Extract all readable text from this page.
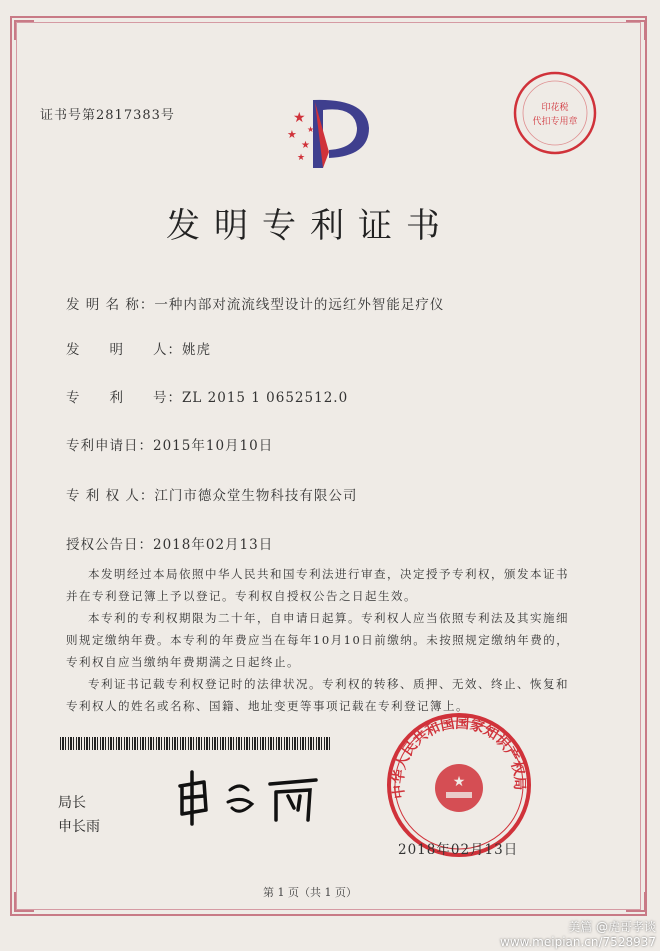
★
★
★
★
★
印花税
代扣专用章
证书号第2817383号
发明专利证书
发 明 名 称：一种内部对流流线型设计的远红外智能足疗仪
发　　明　　人：姚虎
专　　利　　号：ZL 2015 1 0652512.0
专利申请日：2015年10月10日
专 利 权 人：江门市德众堂生物科技有限公司
授权公告日：2018年02月13日
本发明经过本局依照中华人民共和国专利法进行审查，决定授予专利权，颁发本证书
并在专利登记簿上予以登记。专利权自授权公告之日起生效。
本专利的专利权期限为二十年，自申请日起算。专利权人应当依照专利法及其实施细
则规定缴纳年费。本专利的年费应当在每年10月10日前缴纳。未按照规定缴纳年费的，
专利权自应当缴纳年费期满之日起终止。
专利证书记载专利权登记时的法律状况。专利权的转移、质押、无效、终止、恢复和
专利权人的姓名或名称、国籍、地址变更等事项记载在专利登记簿上。
局长
申长雨
中华人民共和国国家知识产权局
★
2018年02月13日
第 1 页（共 1 页）
美篇 @虎哥孝谈
www.meipian.cn/7528937
